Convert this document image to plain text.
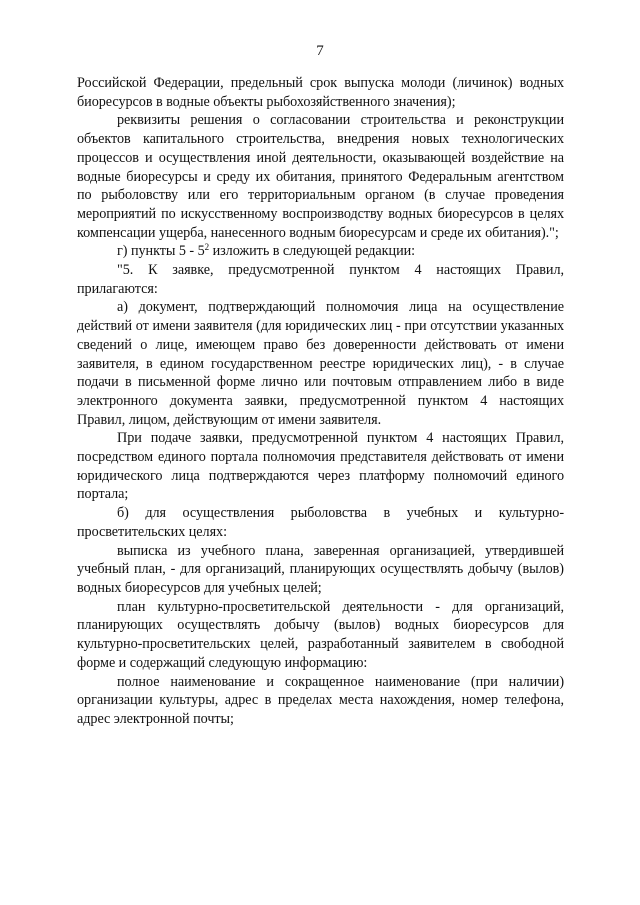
7

Российской Федерации, предельный срок выпуска молоди (личинок) водных биоресурсов в водные объекты рыбохозяйственного значения);

реквизиты решения о согласовании строительства и реконструкции объектов капитального строительства, внедрения новых технологических процессов и осуществления иной деятельности, оказывающей воздействие на водные биоресурсы и среду их обитания, принятого Федеральным агентством по рыболовству или его территориальным органом (в случае проведения мероприятий по искусственному воспроизводству водных биоресурсов в целях компенсации ущерба, нанесенного водным биоресурсам и среде их обитания).";

г) пункты $5 - 5^2$ изложить в следующей редакции:

"5. К заявке, предусмотренной пунктом 4 настоящих Правил, прилагаются:

а) документ, подтверждающий полномочия лица на осуществление действий от имени заявителя (для юридических лиц - при отсутствии указанных сведений о лице, имеющем право без доверенности действовать от имени заявителя, в едином государственном реестре юридических лиц), - в случае подачи в письменной форме лично или почтовым отправлением либо в виде электронного документа заявки, предусмотренной пунктом 4 настоящих Правил, лицом, действующим от имени заявителя.

При подаче заявки, предусмотренной пунктом 4 настоящих Правил, посредством единого портала полномочия представителя действовать от имени юридического лица подтверждаются через платформу полномочий единого портала;

б) для осуществления рыболовства в учебных и культурно-просветительских целях:

выписка из учебного плана, заверенная организацией, утвердившей учебный план, - для организаций, планирующих осуществлять добычу (вылов) водных биоресурсов для учебных целей;

план культурно-просветительской деятельности - для организаций, планирующих осуществлять добычу (вылов) водных биоресурсов для культурно-просветительских целей, разработанный заявителем в свободной форме и содержащий следующую информацию:

полное наименование и сокращенное наименование (при наличии) организации культуры, адрес в пределах места нахождения, номер телефона, адрес электронной почты;
